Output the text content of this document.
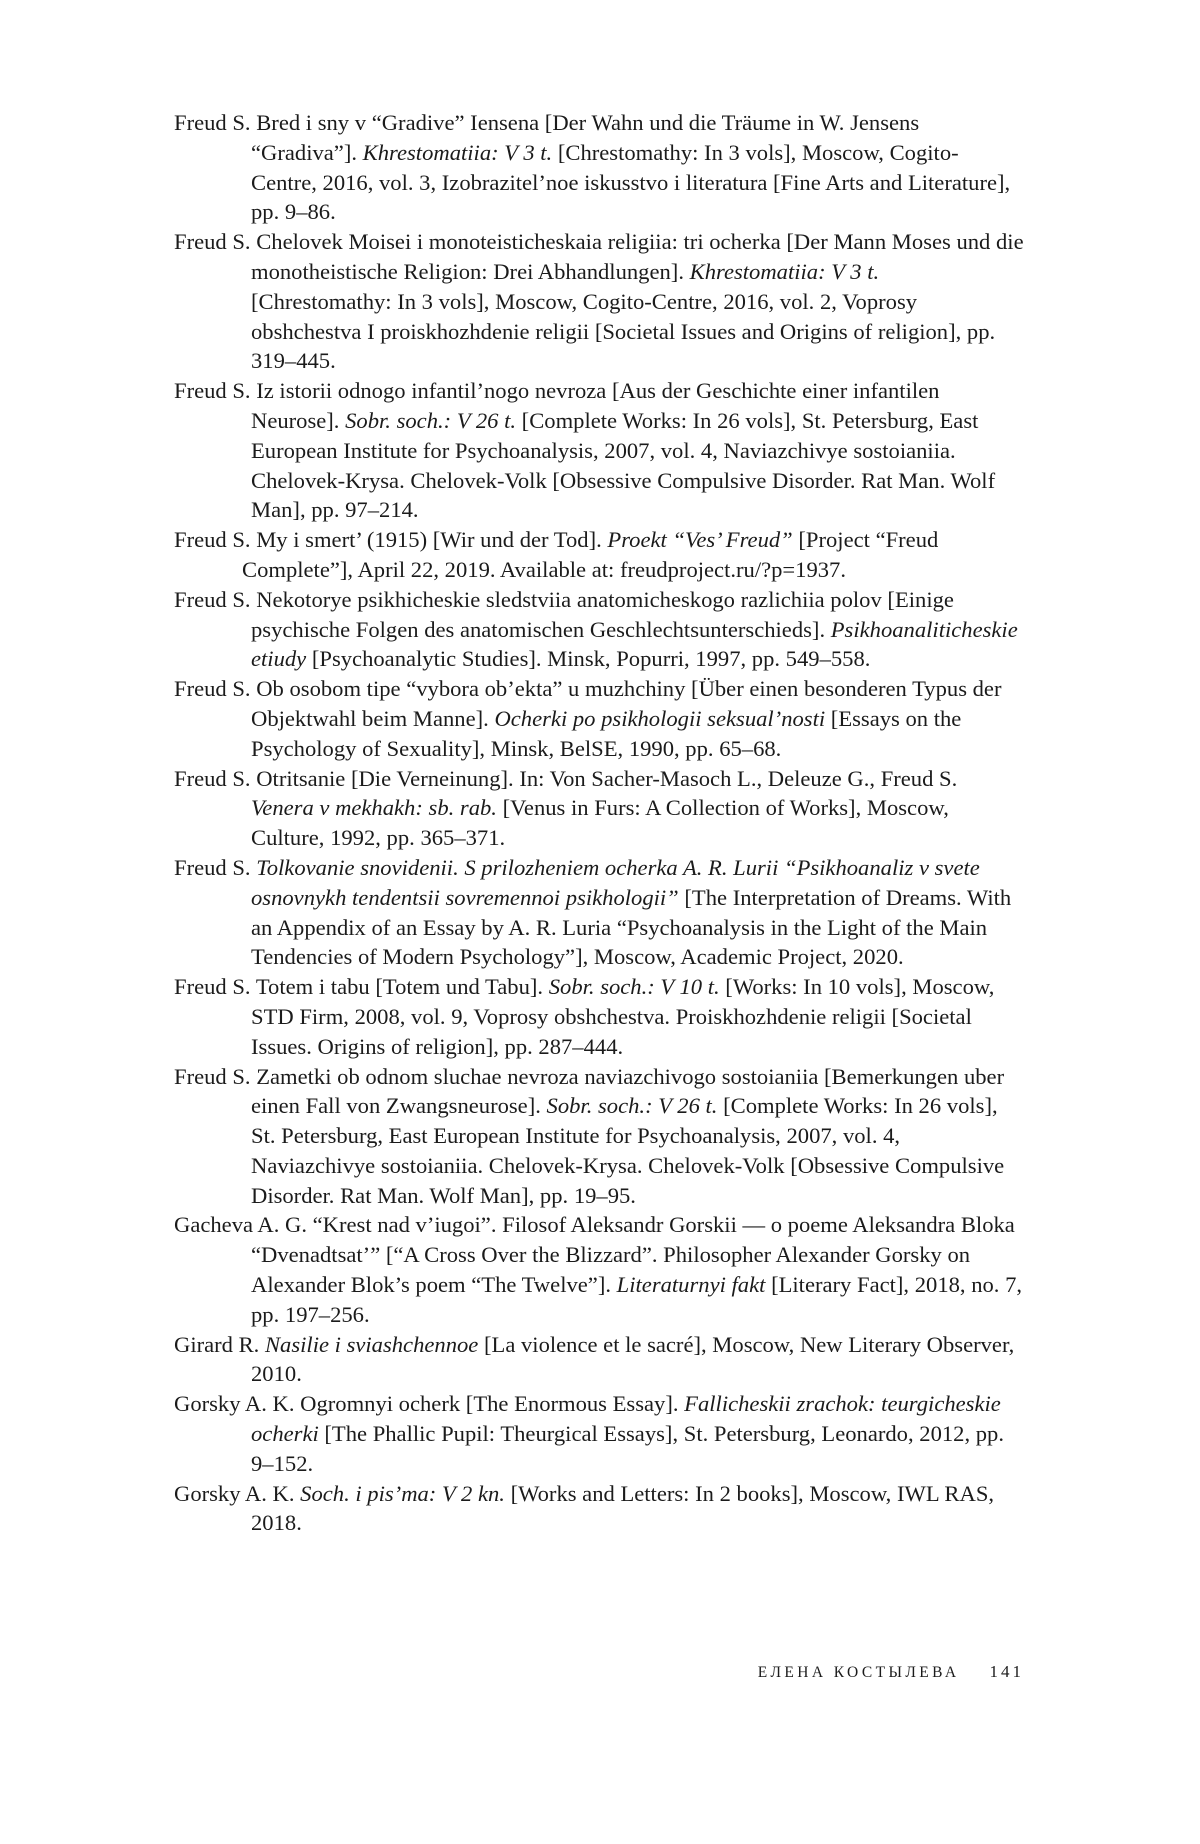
Freud S. Bred i sny v “Gradive” Iensena [Der Wahn und die Träume in W. Jensens “Gradiva”]. Khrestomatiia: V 3 t. [Chrestomathy: In 3 vols], Moscow, Cogito-Centre, 2016, vol. 3, Izobrazitel’noe iskusstvo i literatura [Fine Arts and Literature], pp. 9–86.
Freud S. Chelovek Moisei i monoteisticheskaia religiia: tri ocherka [Der Mann Moses und die monotheistische Religion: Drei Abhandlungen]. Khrestomatiia: V 3 t. [Chrestomathy: In 3 vols], Moscow, Cogito-Centre, 2016, vol. 2, Voprosy obshchestva I proiskhozhdenie religii [Societal Issues and Origins of religion], pp. 319–445.
Freud S. Iz istorii odnogo infantil’nogo nevroza [Aus der Geschichte einer infantilen Neurose]. Sobr. soch.: V 26 t. [Complete Works: In 26 vols], St. Petersburg, East European Institute for Psychoanalysis, 2007, vol. 4, Naviazchivye sostoianiia. Chelovek-Krysa. Chelovek-Volk [Obsessive Compulsive Disorder. Rat Man. Wolf Man], pp. 97–214.
Freud S. My i smert’ (1915) [Wir und der Tod]. Proekt “Ves’ Freud” [Project “Freud Complete”], April 22, 2019. Available at: freudproject.ru/?p=1937.
Freud S. Nekotorye psikhicheskie sledstviia anatomicheskogo razlichiia polov [Einige psychische Folgen des anatomischen Geschlechtsunterschieds]. Psikhoanaliticheskie etiudy [Psychoanalytic Studies]. Minsk, Popurri, 1997, pp. 549–558.
Freud S. Ob osobom tipe “vybora ob’ekta” u muzhchiny [Über einen besonderen Typus der Objektwahl beim Manne]. Ocherki po psikhologii seksual’nosti [Essays on the Psychology of Sexuality], Minsk, BelSE, 1990, pp. 65–68.
Freud S. Otritsanie [Die Verneinung]. In: Von Sacher-Masoch L., Deleuze G., Freud S. Venera v mekhakh: sb. rab. [Venus in Furs: A Collection of Works], Moscow, Culture, 1992, pp. 365–371.
Freud S. Tolkovanie snovidenii. S prilozheniem ocherka A. R. Lurii “Psikhoanaliz v svete osnovnykh tendentsii sovremennoi psikhologii” [The Interpretation of Dreams. With an Appendix of an Essay by A. R. Luria “Psychoanalysis in the Light of the Main Tendencies of Modern Psychology”], Moscow, Academic Project, 2020.
Freud S. Totem i tabu [Totem und Tabu]. Sobr. soch.: V 10 t. [Works: In 10 vols], Moscow, STD Firm, 2008, vol. 9, Voprosy obshchestva. Proiskhozhdenie religii [Societal Issues. Origins of religion], pp. 287–444.
Freud S. Zametki ob odnom sluchae nevroza naviazchivogo sostoianiia [Bemerkungen uber einen Fall von Zwangsneurose]. Sobr. soch.: V 26 t. [Complete Works: In 26 vols], St. Petersburg, East European Institute for Psychoanalysis, 2007, vol. 4, Naviazchivye sostoianiia. Chelovek-Krysa. Chelovek-Volk [Obsessive Compulsive Disorder. Rat Man. Wolf Man], pp. 19–95.
Gacheva A. G. “Krest nad v’iugoi”. Filosof Aleksandr Gorskii — o poeme Aleksandra Bloka “Dvenadtsat’” [“A Cross Over the Blizzard”. Philosopher Alexander Gorsky on Alexander Blok’s poem “The Twelve”]. Literaturnyi fakt [Literary Fact], 2018, no. 7, pp. 197–256.
Girard R. Nasilie i sviashchennoe [La violence et le sacré], Moscow, New Literary Observer, 2010.
Gorsky A. K. Ogromnyi ocherk [The Enormous Essay]. Fallicheskii zrachok: teurgicheskie ocherki [The Phallic Pupil: Theurgical Essays], St. Petersburg, Leonardo, 2012, pp. 9–152.
Gorsky A. K. Soch. i pis’ma: V 2 kn. [Works and Letters: In 2 books], Moscow, IWL RAS, 2018.
ЕЛЕНА КОСТЫЛЕВА 141
